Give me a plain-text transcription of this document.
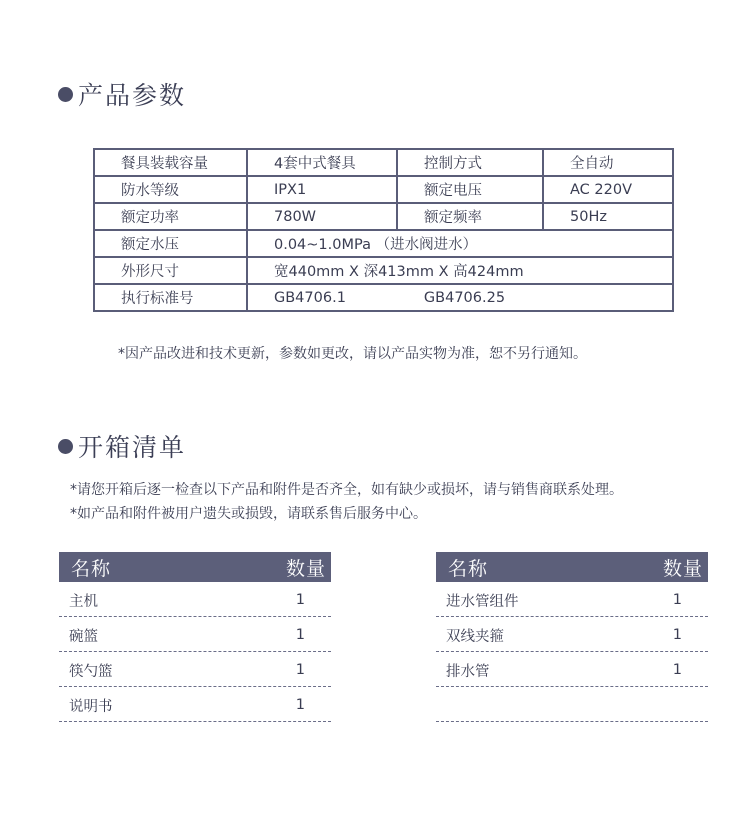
产品参数
餐具装载容量	4套中式餐具	控制方式	全自动
防水等级	IPX1	额定电压	AC 220V
额定功率	780W	额定频率	50Hz
额定水压	0.04~1.0MPa （进水阀进水）		
外形尺寸	宽440mm X 深413mm X 高424mm		
执行标准号	GB4706.1 GB4706.25		
*因产品改进和技术更新，参数如更改，请以产品实物为准，恕不另行通知。
开箱清单
*请您开箱后逐一检查以下产品和附件是否齐全，如有缺少或损坏，请与销售商联系处理。
*如产品和附件被用户遗失或损毁，请联系售后服务中心。
名称	数量
主机	1
碗篮	1
筷勺篮	1
说明书	1
名称	数量
进水管组件	1
双线夹箍	1
排水管	1
